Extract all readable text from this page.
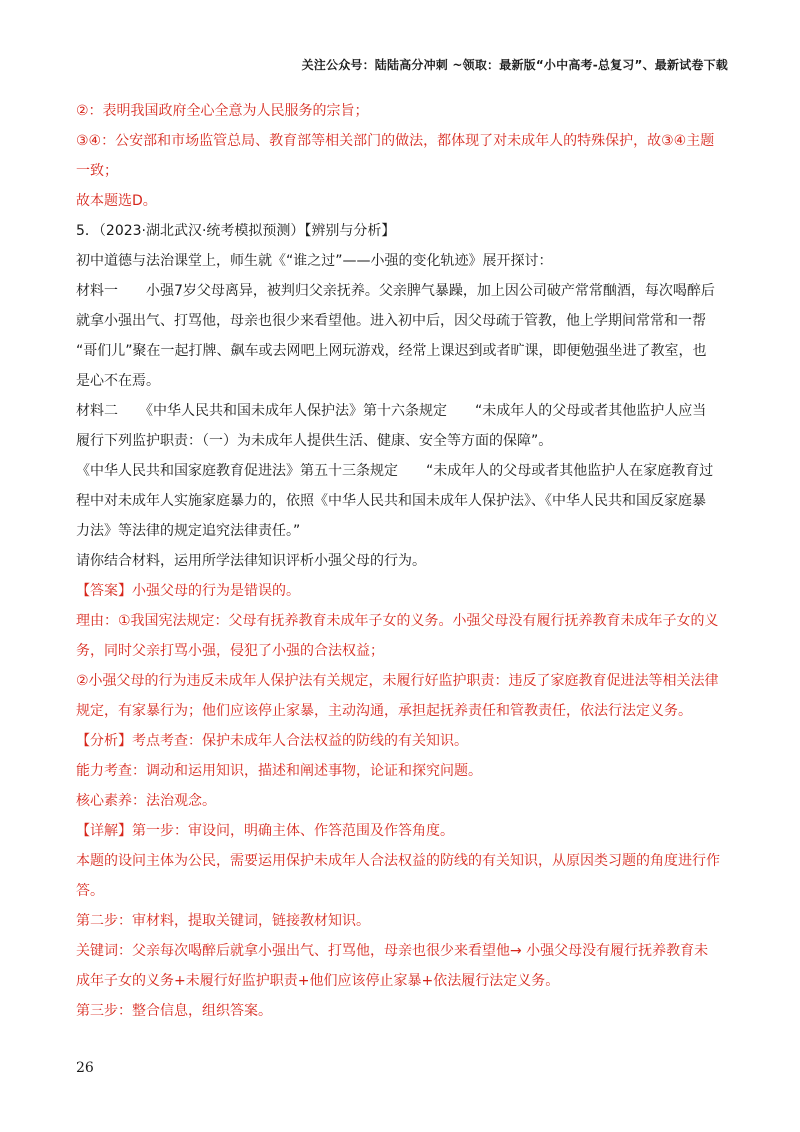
关注公众号：陆陆高分冲刺 ~领取：最新版“小中高考-总复习”、最新试卷下载
②：表明我国政府全心全意为人民服务的宗旨；
③④：公安部和市场监管总局、教育部等相关部门的做法，都体现了对未成年人的特殊保护，故③④主题
一致；
故本题选D。
5．（2023·湖北武汉·统考模拟预测）【辨别与分析】
初中道德与法治课堂上，师生就《“谁之过”——小强的变化轨迹》展开探讨：
材料一　　小强7岁父母离异，被判归父亲抚养。父亲脾气暴躁，加上因公司破产常常酗酒，每次喝醉后
就拿小强出气、打骂他，母亲也很少来看望他。进入初中后，因父母疏于管教，他上学期间常常和一帮
“哥们儿”聚在一起打牌、飙车或去网吧上网玩游戏，经常上课迟到或者旷课，即便勉强坐进了教室，也
是心不在焉。
材料二　　《中华人民共和国未成年人保护法》第十六条规定　　“未成年人的父母或者其他监护人应当
履行下列监护职责：（一）为未成年人提供生活、健康、安全等方面的保障”。
《中华人民共和国家庭教育促进法》第五十三条规定　　“未成年人的父母或者其他监护人在家庭教育过
程中对未成年人实施家庭暴力的，依照《中华人民共和国未成年人保护法》、《中华人民共和国反家庭暴
力法》等法律的规定追究法律责任。”
请你结合材料，运用所学法律知识评析小强父母的行为。
【答案】小强父母的行为是错误的。
理由：①我国宪法规定：父母有抚养教育未成年子女的义务。小强父母没有履行抚养教育未成年子女的义
务，同时父亲打骂小强，侵犯了小强的合法权益；
②小强父母的行为违反未成年人保护法有关规定，未履行好监护职责：违反了家庭教育促进法等相关法律
规定，有家暴行为；他们应该停止家暴，主动沟通，承担起抚养责任和管教责任，依法行法定义务。
【分析】考点考查：保护未成年人合法权益的防线的有关知识。
能力考查：调动和运用知识，描述和阐述事物，论证和探究问题。
核心素养：法治观念。
【详解】第一步：审设问，明确主体、作答范围及作答角度。
本题的设问主体为公民，需要运用保护未成年人合法权益的防线的有关知识，从原因类习题的角度进行作
答。
第二步：审材料，提取关键词，链接教材知识。
关键词：父亲每次喝醉后就拿小强出气、打骂他，母亲也很少来看望他→ 小强父母没有履行抚养教育未
成年子女的义务+未履行好监护职责+他们应该停止家暴+依法履行法定义务。
第三步：整合信息，组织答案。
26
